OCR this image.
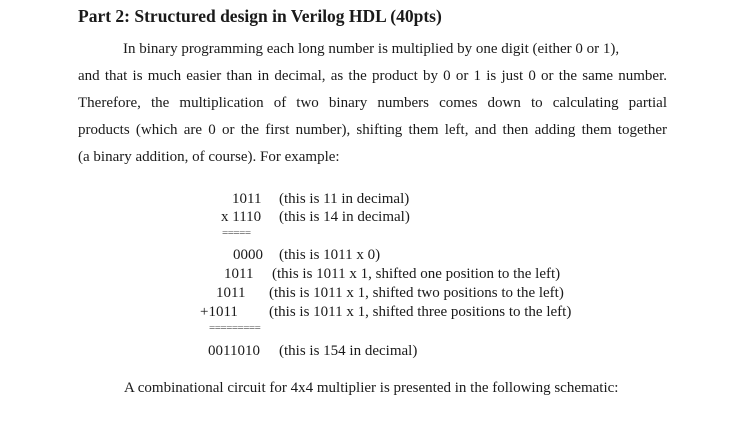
Part 2: Structured design in Verilog HDL (40pts)
In binary programming each long number is multiplied by one digit (either 0 or 1),
and that is much easier than in decimal, as the product by 0 or 1 is just 0 or the same number.
Therefore, the multiplication of two binary numbers comes down to calculating partial
products (which are 0 or the first number), shifting them left, and then adding them together
(a binary addition, of course). For example:
1011 (this is 11 in decimal)
x 1110 (this is 14 in decimal)
=====
0000 (this is 1011 x 0)
1011 (this is 1011 x 1, shifted one position to the left)
1011 (this is 1011 x 1, shifted two positions to the left)
+1011 (this is 1011 x 1, shifted three positions to the left)
=========
0011010 (this is 154 in decimal)
A combinational circuit for 4x4 multiplier is presented in the following schematic:
